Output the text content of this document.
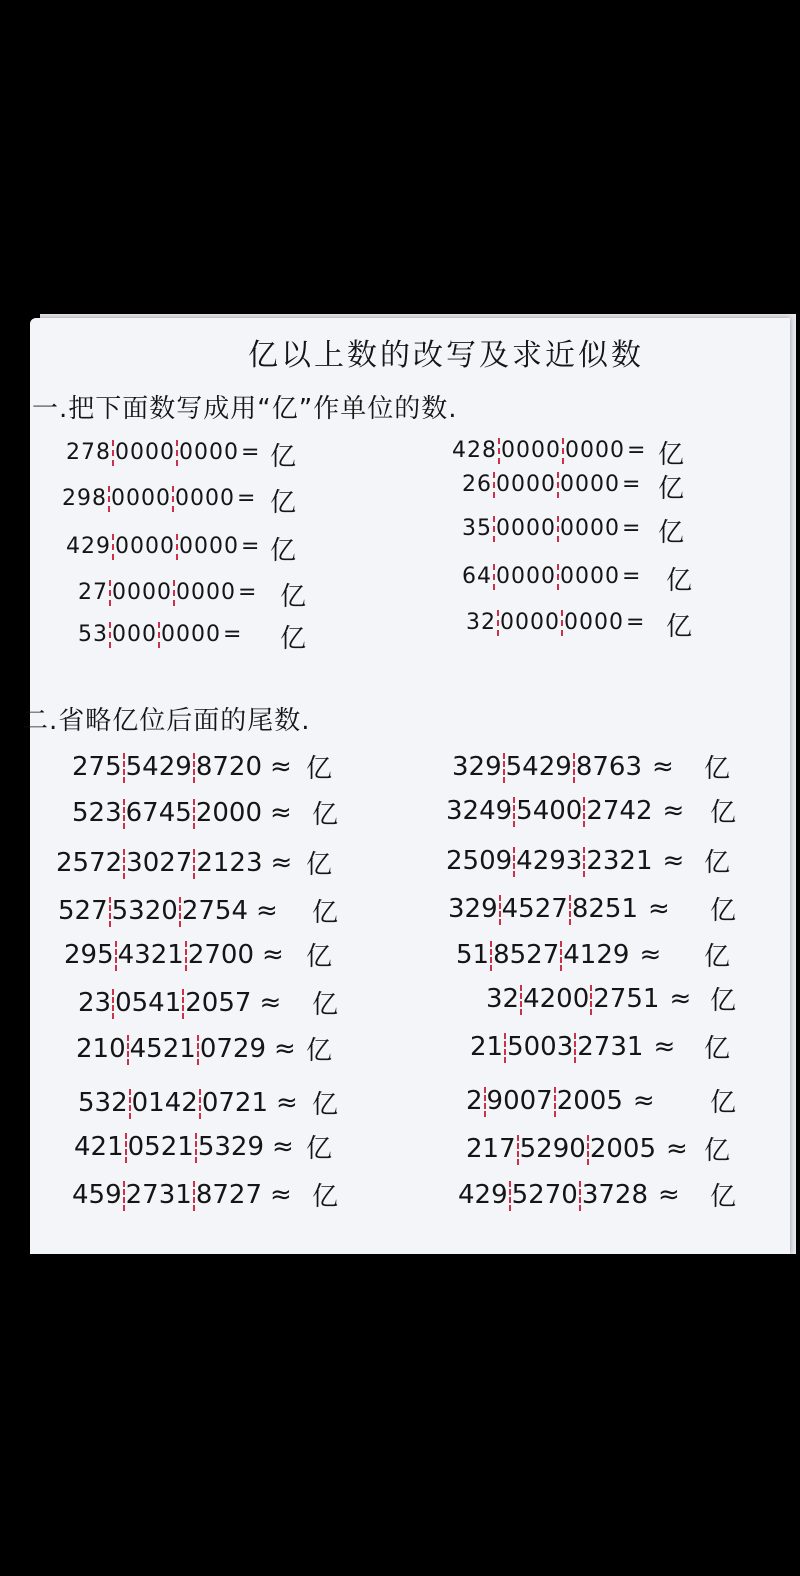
亿以上数的改写及求近似数
一.把下面数写成用“亿”作单位的数.
二.省略亿位后面的尾数.
278 0000 0000= 亿
298 0000 0000= 亿
429 0000 0000= 亿
27 0000 0000= 亿
53 000 0000= 亿
428 0000 0000= 亿
26 0000 0000= 亿
35 0000 0000= 亿
64 0000 0000= 亿
32 0000 0000= 亿
275 5429 8720 ≈ 亿
523 6745 2000 ≈ 亿
2572 3027 2123 ≈ 亿
527 5320 2754 ≈ 亿
295 4321 2700 ≈ 亿
23 0541 2057 ≈ 亿
210 4521 0729 ≈ 亿
532 0142 0721 ≈ 亿
421 0521 5329 ≈ 亿
459 2731 8727 ≈ 亿
329 5429 8763 ≈ 亿
3249 5400 2742 ≈ 亿
2509 4293 2321 ≈ 亿
329 4527 8251 ≈ 亿
51 8527 4129 ≈ 亿
32 4200 2751 ≈ 亿
21 5003 2731 ≈ 亿
2 9007 2005 ≈ 亿
217 5290 2005 ≈ 亿
429 5270 3728 ≈ 亿
